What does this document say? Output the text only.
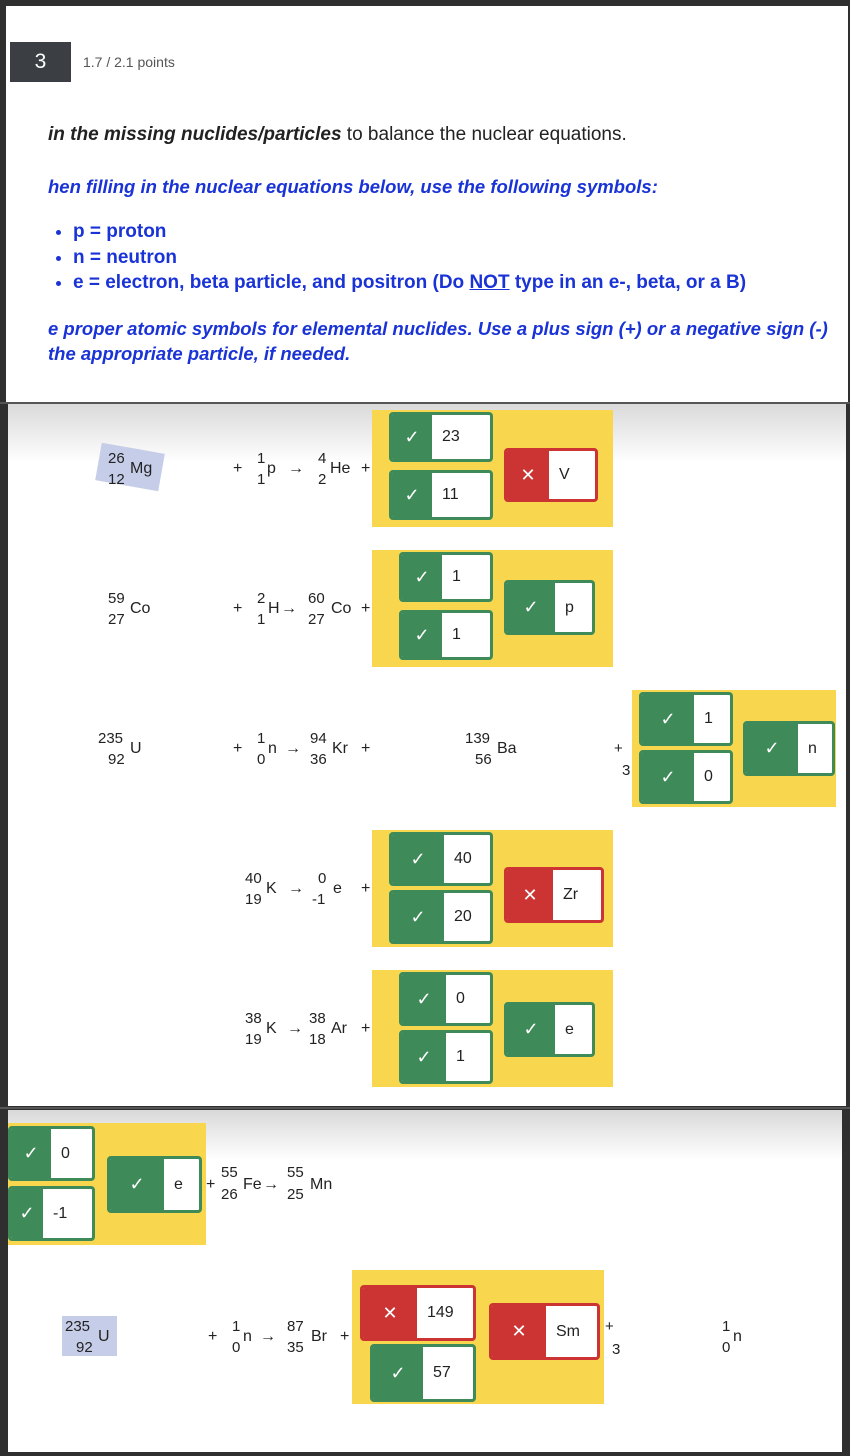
3	1.7 / 2.1 points
in the missing nuclides/particles to balance the nuclear equations.
hen filling in the nuclear equations below, use the following symbols:
• p = proton
• n = neutron
• e = electron, beta particle, and positron (Do NOT type in an e-, beta, or a B)
e proper atomic symbols for elemental nuclides. Use a plus sign (+) or a negative sign (-)
the appropriate particle, if needed.
26
12
Mg	+
1
1
p →
4
2
He +
✓	23
✓	11
✕	V
59
27
Co	+
2
1
H →
60
27
Co +
✓	1
✓	1
✓	p
235
92
U	+
1
0
n →
94
36
Kr +
139
56
Ba	+
3
✓	1
✓	0
✓	n
40
19
K →
0
-1
e +
✓	40
✓	20
✕	Zr
38
19
K →
38
18
Ar +
✓	0
✓	1
✓	e
✓	0
✓	-1
✓	e	+
55
26
Fe →
55
25
Mn
235
92
U	+
1
0
n →
87
35
Br +
✕	149
✓	57
✕	Sm	+
3
1
0
n
